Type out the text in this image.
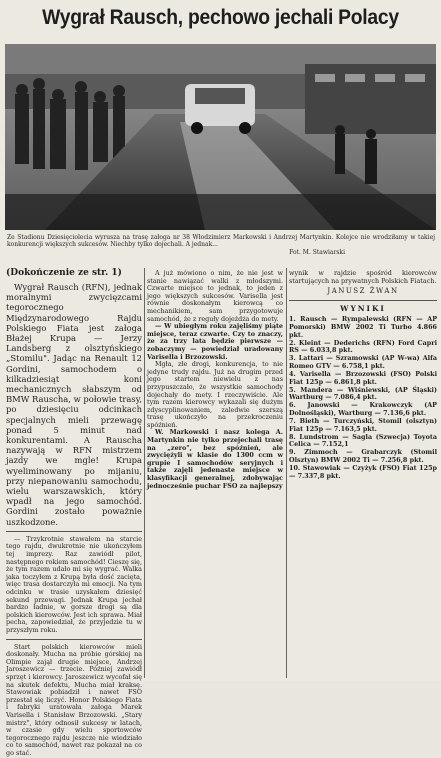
Wygrał Rausch, pechowo jechali Polacy
Ze Stadionu Dziesięciolecia wyrusza na trasę załoga nr 38 Włodzimierz Markowski i Andrzej Martynkin. Kolejce nie wrodziłamy w takiej konkurencji większych sukcesów. Niechby tylko dojechali. A jednak...
Fot. M. Stawiarski
(Dokończenie ze str. 1)

Wygrał Rausch (RFN), jednak moralnymi zwycięzcami tegorocznego Międzynarodowego Rajdu Polskiego Fiata jest załoga Błażej Krupa — Jerzy Landsberg z olsztyńskiego „Stomilu". Jadąc na Renault 12 Gordini, samochodem o kilkadziesiąt koni mechanicznych słabszym od BMW Rauscha, w połowie trasy, po dziesięciu odcinkach specjalnych mieli przewagę ponad 5 minut nad konkurentami. A Rauscha nazywają w RFN mistrzem jazdy we mgle! Krupa wyeliminowany po mijaniu, przy niepanowaniu samochodu, wielu warszawskich, który wpadł na jego samochód. Gordini zostało poważnie uszkodzone.

— Trzykrotnie stawałem na starcie tego rajdu, dwukrotnie nie ukończyłem tej imprezy. Raz zawiódł pilot, następnego rokiem samochód! Cieszę się, że tym razem udało mi się wygrać. Walka jaka toczyłem z Krupą była dość zacięta, więc trasa dostarczyła mi emocji. Na tym odcinku w trasie uzyskałem dziesięć sekund przewagi. Jednak Krupa jechał bardzo ładnie, w gorsze drogi są dla polskich kierowców. Jest ich sprawa. Miał pecha, zapowiedział, że przyjedzie tu w przyszłym roku.

Start polskich kierowców mieli doskonały. Mucha na próbie górskiej na Olimpie zajął drugie miejsce, Andrzej Jaroszewicz — trzecie. Później zawiódł sprzęt i kierowcy. Jaroszewicz wycofał się na skutek defektu, Mucha miał kraksę. Stawowiak pobiadził i nawet FSO przestał się liczyć. Honor Polskiego Fiata i fabryki uratowała załoga Marek Varisella i Stanisław Brzozowski. „Stary mistrz", który odnosił sukcesy w latach, w czasie gdy wielu sportowców tegorocznego rajdu jeszcze nie wiedziało co to samochód, nawet raz pokazał na co go stać.

A już mówiono o nim, że nie jest w stanie nawiązać walki z młodszymi. Czwarte miejsce to jednak, to jeden z jego większych sukcesów. Varisella jest równie doskonałym kierowcą co mechanikiem, sam przygotowuje samochód, że z reguły dojeżdża do mety.

— W ubiegłym roku zajęliśmy piąte miejsce, teraz czwarte. Czy to znaczy, że za trzy lata będzie pierwsze — zobaczymy — powiedział uradowany Varisella i Brzozowski.

Mgła, złe drogi, konkurencja, to nie jedyne trudy rajdu. Już na drugim przed jego startem niewielu z nas przypuszczało, że wszystkie samochody dojechały do mety. I rzeczywiście. Ale tym razem kierowcy wykazali się dużym zdyscyplinowaniem, zaledwie szerszą trasę ukończyło na przekroczeniu spóźnień.

W. Markowski i nasz kolega A. Martynkin nie tylko przejechali trasę na „zero", bez spóźnień, ale zwyciężyli w klasie do 1300 ccm w grupie I samochodów seryjnych i także zajęli jedenaste miejsce w klasyfikacji generalnej, zdobywając jednocześnie puchar FSO za najlepszy

wynik w rajdzie spośród kierowców startujących na prywatnych Polskich Fiatach.

JANUSZ ŻWAN
WYNIKI

1. Rausch — Rympalewski (RFN — AP Pomorski) BMW 2002 Ti Turbo 4.866 pkt.

2. Kleint — Dederichs (RFN) Ford Capri RS — 6.033,8 pkt.

3. Lattari — Szramowski (AP W-wa) Alfa Romeo GTV — 6.758,1 pkt.

4. Varisella — Brzozowski (FSO) Polski Fiat 125p — 6.861,8 pkt.

5. Mandera — Wiśniewski, (AP Śląski) Wartburg — 7.086,4 pkt.

6. Janowski — Krakowczyk (AP Dolnośląski), Wartburg — 7.136,6 pkt.

7. Bieth — Turczyński, Stomil (olsztyn) Fiat 125p — 7.163,5 pkt.

8. Lundstrom — Sagla (Szwecja) Toyota Celica — 7.152,1

9. Zimmoch — Grabarczyk (Stomil Olsztyn) BMW 2002 Ti — 7.256,8 pkt.

10. Stawowiak — Czyżyk (FSO) Fiat 125p — 7.337,8 pkt.
